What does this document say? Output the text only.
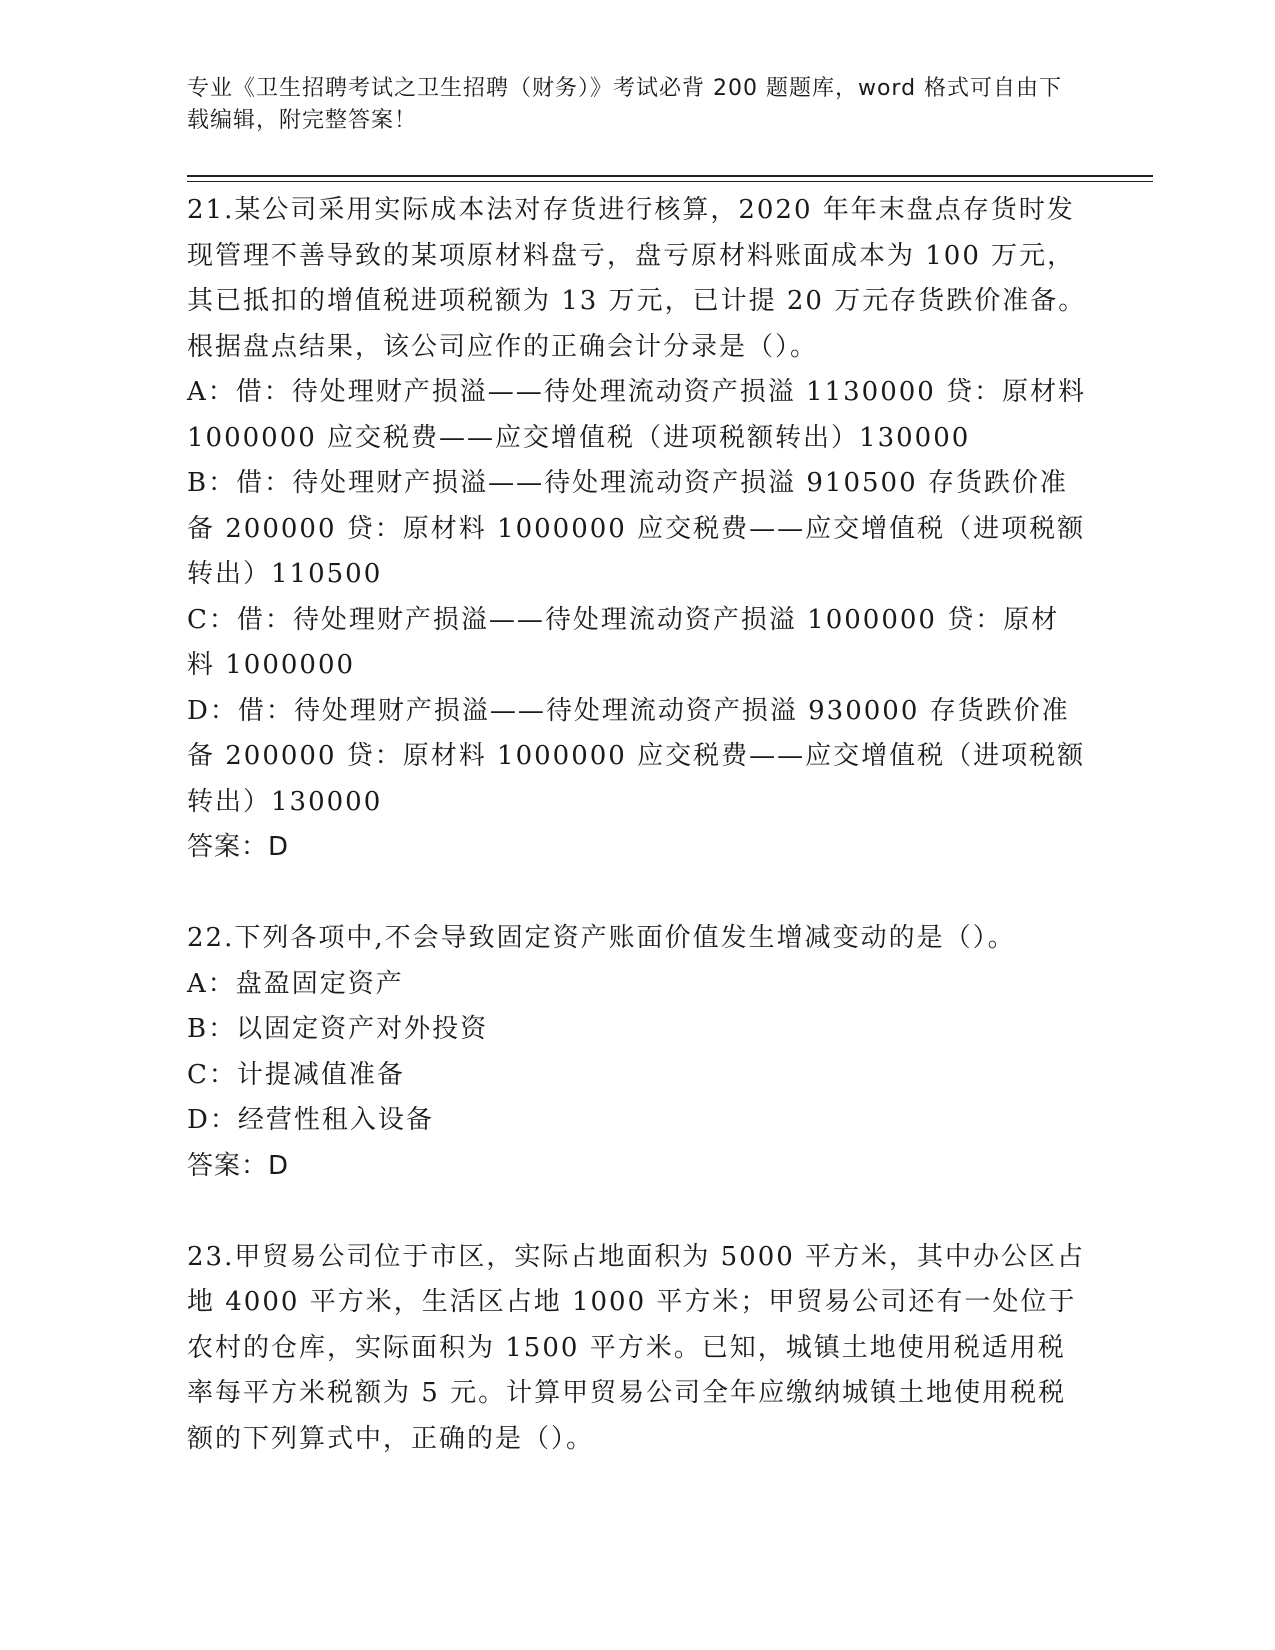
专业《卫生招聘考试之卫生招聘（财务）》考试必背 200 题题库，word 格式可自由下载编辑，附完整答案！

21.某公司采用实际成本法对存货进行核算，2020 年年末盘点存货时发现管理不善导致的某项原材料盘亏，盘亏原材料账面成本为 100 万元，其已抵扣的增值税进项税额为 13 万元，已计提 20 万元存货跌价准备。根据盘点结果，该公司应作的正确会计分录是（）。

A：借：待处理财产损溢——待处理流动资产损溢 1130000 贷：原材料 1000000 应交税费——应交增值税（进项税额转出）130000

B：借：待处理财产损溢——待处理流动资产损溢 910500 存货跌价准备 200000 贷：原材料 1000000 应交税费——应交增值税（进项税额转出）110500

C：借：待处理财产损溢——待处理流动资产损溢 1000000 贷：原材料 1000000

D：借：待处理财产损溢——待处理流动资产损溢 930000 存货跌价准备 200000 贷：原材料 1000000 应交税费——应交增值税（进项税额转出）130000

答案：D

22.下列各项中,不会导致固定资产账面价值发生增减变动的是（）。

A：盘盈固定资产

B：以固定资产对外投资

C：计提减值准备

D：经营性租入设备

答案：D

23.甲贸易公司位于市区，实际占地面积为 5000 平方米，其中办公区占地 4000 平方米，生活区占地 1000 平方米；甲贸易公司还有一处位于农村的仓库，实际面积为 1500 平方米。已知，城镇土地使用税适用税率每平方米税额为 5 元。计算甲贸易公司全年应缴纳城镇土地使用税税额的下列算式中，正确的是（）。
